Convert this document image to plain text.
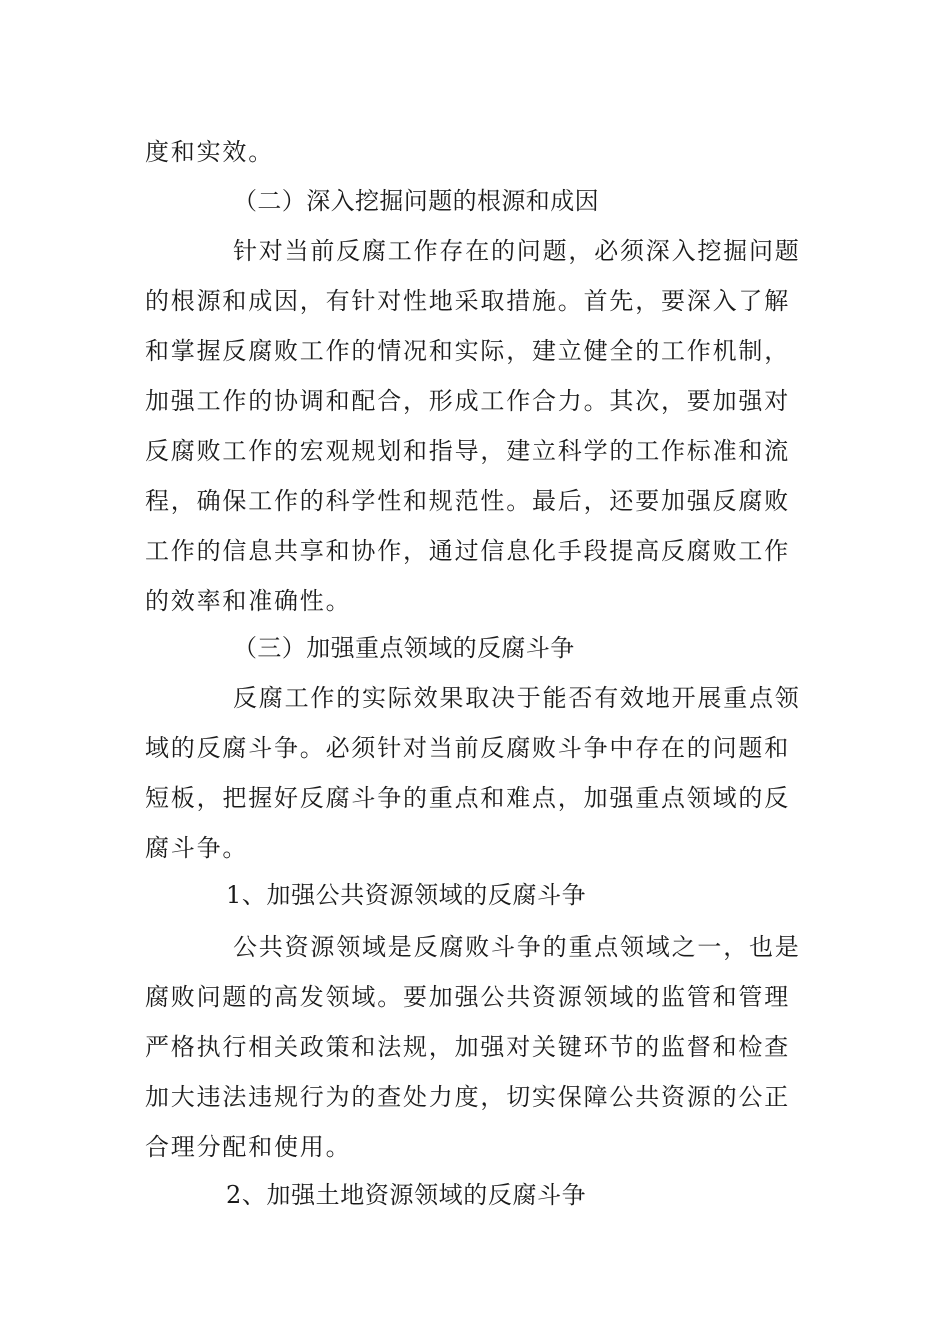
度和实效。
（二）深入挖掘问题的根源和成因
针对当前反腐工作存在的问题，必须深入挖掘问题
的根源和成因，有针对性地采取措施。首先，要深入了解
和掌握反腐败工作的情况和实际，建立健全的工作机制，
加强工作的协调和配合，形成工作合力。其次，要加强对
反腐败工作的宏观规划和指导，建立科学的工作标准和流
程，确保工作的科学性和规范性。最后，还要加强反腐败
工作的信息共享和协作，通过信息化手段提高反腐败工作
的效率和准确性。
（三）加强重点领域的反腐斗争
反腐工作的实际效果取决于能否有效地开展重点领
域的反腐斗争。必须针对当前反腐败斗争中存在的问题和
短板，把握好反腐斗争的重点和难点，加强重点领域的反
腐斗争。
1、加强公共资源领域的反腐斗争
公共资源领域是反腐败斗争的重点领域之一，也是
腐败问题的高发领域。要加强公共资源领域的监管和管理
严格执行相关政策和法规，加强对关键环节的监督和检查
加大违法违规行为的查处力度，切实保障公共资源的公正
合理分配和使用。
2、加强土地资源领域的反腐斗争
